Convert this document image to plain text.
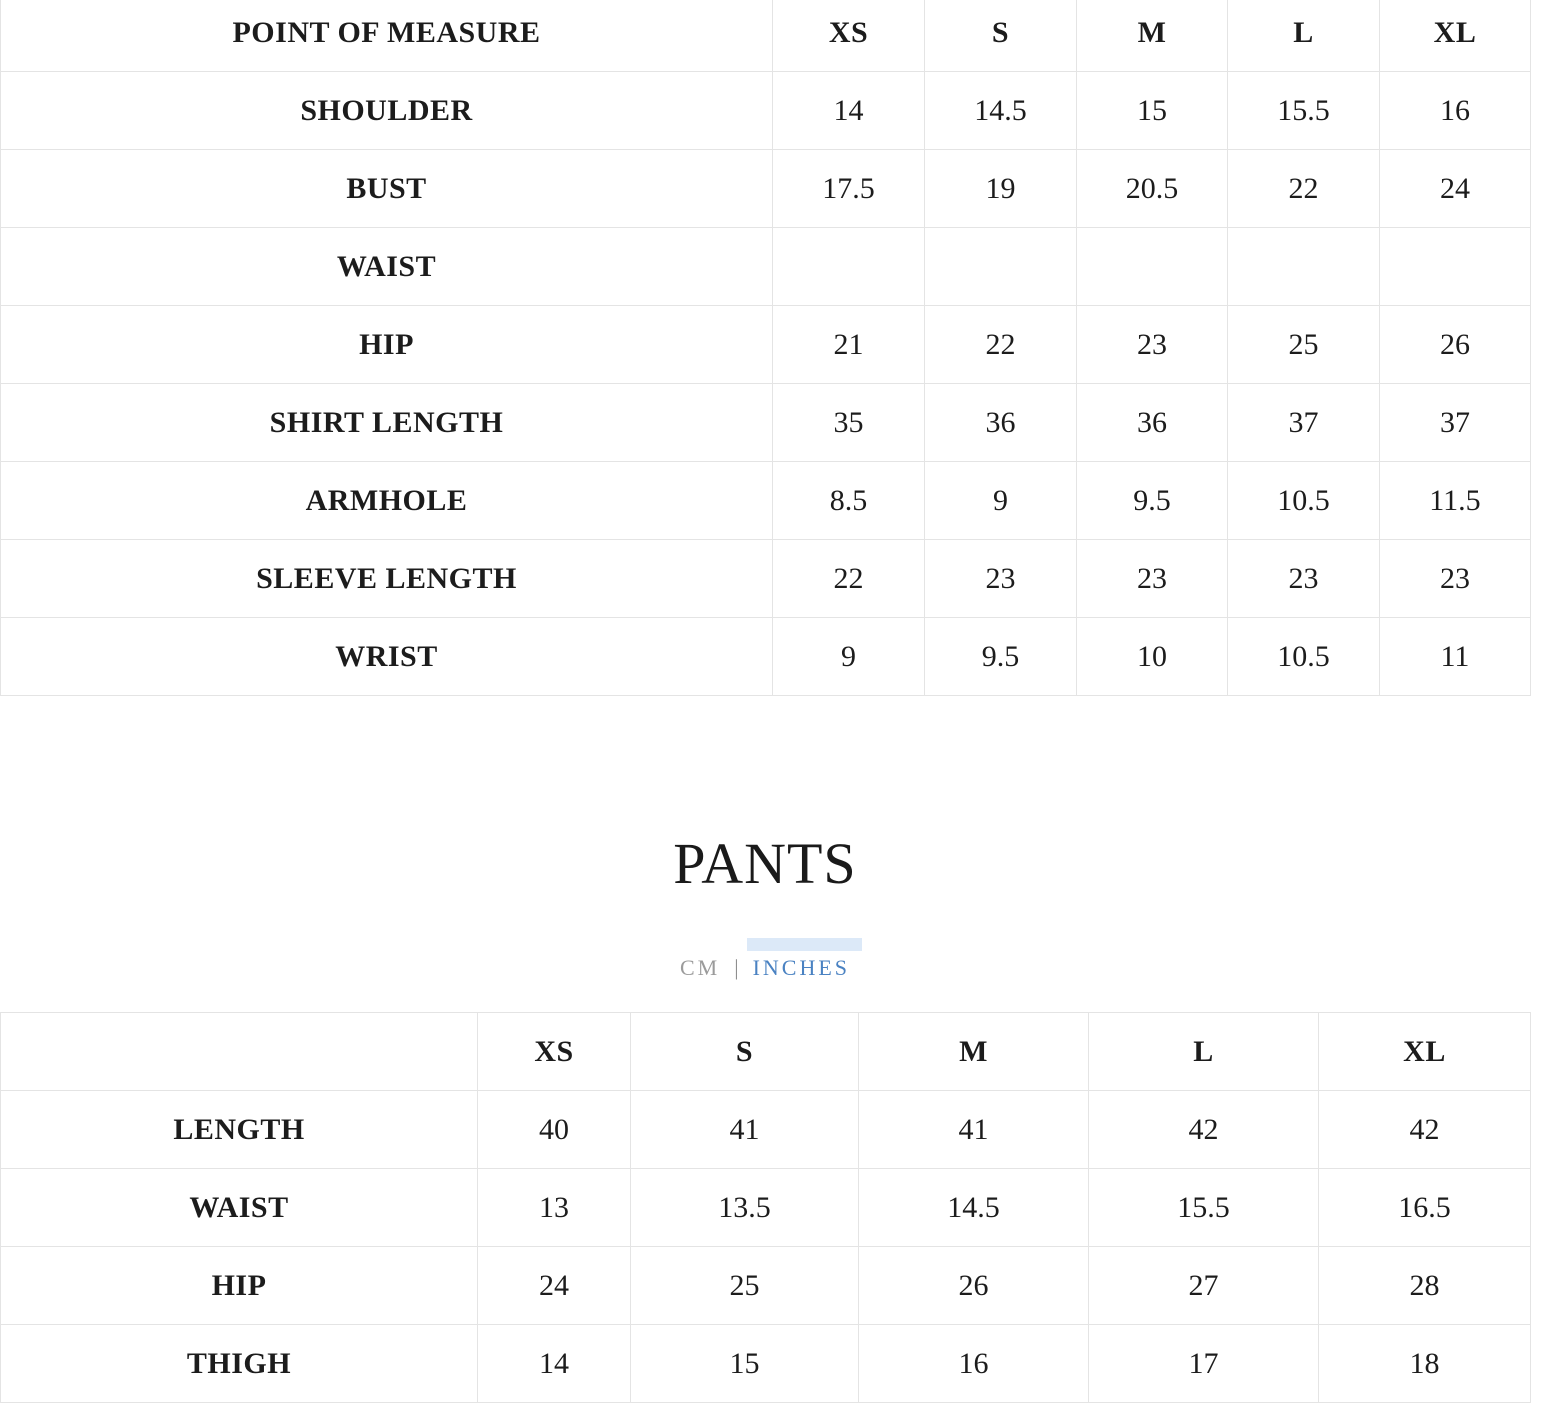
POINT OF MEASURE	XS	S	M	L	XL
SHOULDER	14	14.5	15	15.5	16
BUST	17.5	19	20.5	22	24
WAIST					
HIP	21	22	23	25	26
SHIRT LENGTH	35	36	36	37	37
ARMHOLE	8.5	9	9.5	10.5	11.5
SLEEVE LENGTH	22	23	23	23	23
WRIST	9	9.5	10	10.5	11
PANTS
CM | INCHES
	XS	S	M	L	XL
LENGTH	40	41	41	42	42
WAIST	13	13.5	14.5	15.5	16.5
HIP	24	25	26	27	28
THIGH	14	15	16	17	18
